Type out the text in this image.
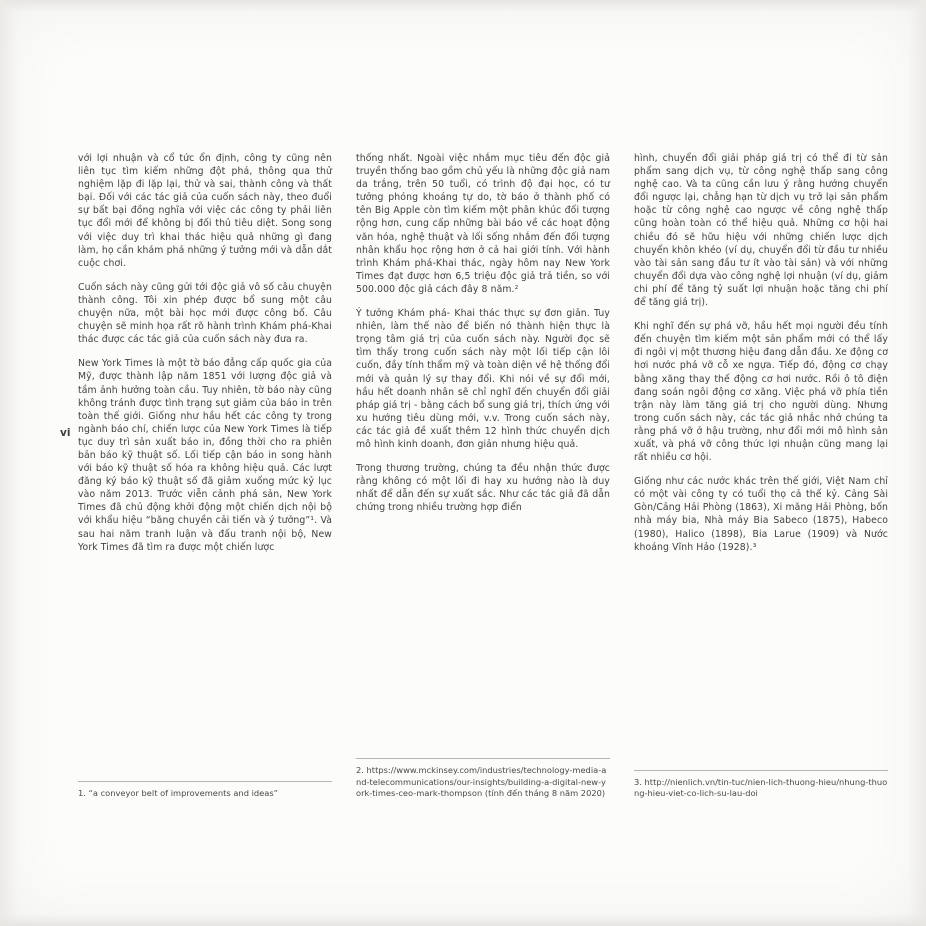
vi

với lợi nhuận và cổ tức ổn định, công ty cũng nên liên tục tìm kiếm những đột phá, thông qua thử nghiệm lặp đi lặp lại, thử và sai, thành công và thất bại. Đối với các tác giả của cuốn sách này, theo đuổi sự bất bại đồng nghĩa với việc các công ty phải liên tục đổi mới để không bị đối thủ tiêu diệt. Song song với việc duy trì khai thác hiệu quả những gì đang làm, họ cần khám phá những ý tưởng mới và dẫn dắt cuộc chơi.

Cuốn sách này cũng gửi tới độc giả vô số câu chuyện thành công. Tôi xin phép được bổ sung một câu chuyện nữa, một bài học mới được công bố. Câu chuyện sẽ minh họa rất rõ hành trình Khám phá-Khai thác được các tác giả của cuốn sách này đưa ra.

New York Times là một tờ báo đẳng cấp quốc gia của Mỹ, được thành lập năm 1851 với lượng độc giả và tầm ảnh hưởng toàn cầu. Tuy nhiên, tờ báo này cũng không tránh được tình trạng sụt giảm của báo in trên toàn thế giới. Giống như hầu hết các công ty trong ngành báo chí, chiến lược của New York Times là tiếp tục duy trì sản xuất báo in, đồng thời cho ra phiên bản báo kỹ thuật số. Lối tiếp cận báo in song hành với báo kỹ thuật số hóa ra không hiệu quả. Các lượt đăng ký báo kỹ thuật số đã giảm xuống mức kỷ lục vào năm 2013. Trước viễn cảnh phá sản, New York Times đã chủ động khởi động một chiến dịch nội bộ với khẩu hiệu “băng chuyền cải tiến và ý tưởng”¹. Và sau hai năm tranh luận và đấu tranh nội bộ, New York Times đã tìm ra được một chiến lược

1. “a conveyor belt of improvements and ideas”

thống nhất. Ngoài việc nhắm mục tiêu đến độc giả truyền thống bao gồm chủ yếu là những độc giả nam da trắng, trên 50 tuổi, có trình độ đại học, có tư tưởng phóng khoáng tự do, tờ báo ở thành phố có tên Big Apple còn tìm kiếm một phân khúc đối tượng rộng hơn, cung cấp những bài báo về các hoạt động văn hóa, nghệ thuật và lối sống nhắm đến đối tượng nhân khẩu học rộng hơn ở cả hai giới tính. Với hành trình Khám phá-Khai thác, ngày hôm nay New York Times đạt được hơn 6,5 triệu độc giả trả tiền, so với 500.000 độc giả cách đây 8 năm.²

Ý tưởng Khám phá- Khai thác thực sự đơn giản. Tuy nhiên, làm thế nào để biến nó thành hiện thực là trọng tâm giá trị của cuốn sách này. Người đọc sẽ tìm thấy trong cuốn sách này một lối tiếp cận lôi cuốn, đầy tính thẩm mỹ và toàn diện về hệ thống đổi mới và quản lý sự thay đổi. Khi nói về sự đổi mới, hầu hết doanh nhân sẽ chỉ nghĩ đến chuyển đổi giải pháp giá trị - bằng cách bổ sung giá trị, thích ứng với xu hướng tiêu dùng mới, v.v. Trong cuốn sách này, các tác giả đề xuất thêm 12 hình thức chuyển dịch mô hình kinh doanh, đơn giản nhưng hiệu quả.

Trong thương trường, chúng ta đều nhận thức được rằng không có một lối đi hay xu hướng nào là duy nhất để dẫn đến sự xuất sắc. Như các tác giả đã dẫn chứng trong nhiều trường hợp điển

2. https://www.mckinsey.com/industries/technology-media-and-telecommunications/our-insights/building-a-digital-new-york-times-ceo-mark-thompson (tính đến tháng 8 năm 2020)

hình, chuyển đổi giải pháp giá trị có thể đi từ sản phẩm sang dịch vụ, từ công nghệ thấp sang công nghệ cao. Và ta cũng cần lưu ý rằng hướng chuyển đổi ngược lại, chẳng hạn từ dịch vụ trở lại sản phẩm hoặc từ công nghệ cao ngược về công nghệ thấp cũng hoàn toàn có thể hiệu quả. Những cơ hội hai chiều đó sẽ hữu hiệu với những chiến lược dịch chuyển khôn khéo (ví dụ, chuyển đổi từ đầu tư nhiều vào tài sản sang đầu tư ít vào tài sản) và với những chuyển đổi dựa vào công nghệ lợi nhuận (ví dụ, giảm chi phí để tăng tỷ suất lợi nhuận hoặc tăng chi phí để tăng giá trị).

Khi nghĩ đến sự phá vỡ, hầu hết mọi người đều tính đến chuyện tìm kiếm một sản phẩm mới có thể lấy đi ngôi vị một thương hiệu đang dẫn đầu. Xe động cơ hơi nước phá vỡ cỗ xe ngựa. Tiếp đó, động cơ chạy bằng xăng thay thế động cơ hơi nước. Rồi ô tô điện đang soán ngôi động cơ xăng. Việc phá vỡ phía tiền trận này làm tăng giá trị cho người dùng. Nhưng trong cuốn sách này, các tác giả nhắc nhở chúng ta rằng phá vỡ ở hậu trường, như đổi mới mô hình sản xuất, và phá vỡ công thức lợi nhuận cũng mang lại rất nhiều cơ hội.

Giống như các nước khác trên thế giới, Việt Nam chỉ có một vài công ty có tuổi thọ cả thế kỷ. Cảng Sài Gòn/Cảng Hải Phòng (1863), Xi măng Hải Phòng, bốn nhà máy bia, Nhà máy Bia Sabeco (1875), Habeco (1980), Halico (1898), Bia Larue (1909) và Nước khoáng Vĩnh Hảo (1928).³

3. http://nienlich.vn/tin-tuc/nien-lich-thuong-hieu/nhung-thuong-hieu-viet-co-lich-su-lau-doi
